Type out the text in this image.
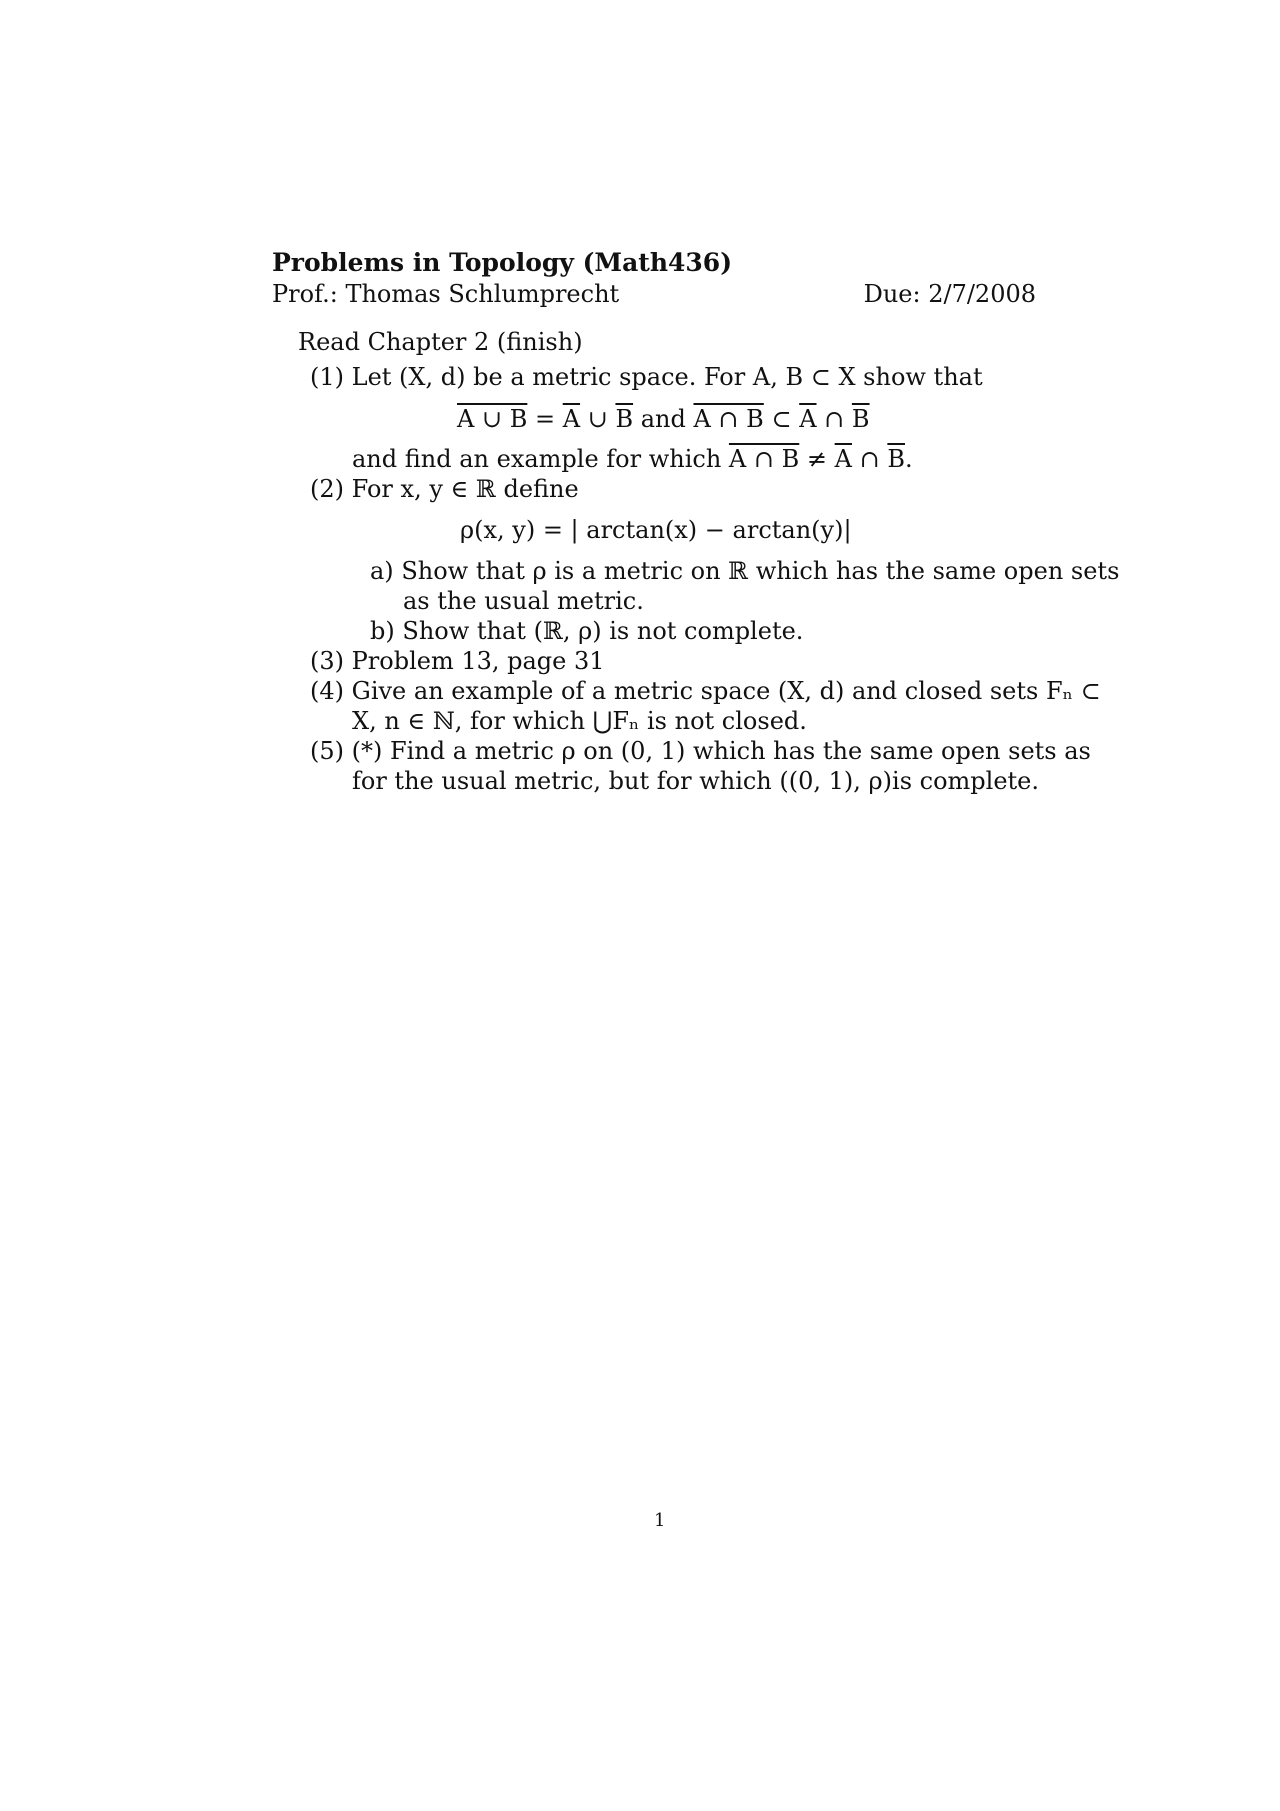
Problems in Topology (Math436)
Prof.: Thomas Schlumprecht	Due: 2/7/2008
Read Chapter 2 (finish)
(1) Let (X, d) be a metric space. For A, B ⊂ X show that
A ∪ $B = \overline{A}$ ∪ $\overline{B}$ and A ∩ B ⊂ $\overline{A}$ ∩ $\overline{B}$
and find an example for which A ∩ $B \ne \overline{A}$ ∩ $\overline{B}$.
(2) For x, y ∈ ℝ define
ρ(x, y) = | arctan(x) − arctan(y)|
a) Show that ρ is a metric on ℝ which has the same open sets
as the usual metric.
b) Show that (ℝ, ρ) is not complete.
(3) Problem 13, page 31
(4) Give an example of a metric space (X, d) and closed sets Fₙ ⊂
X, n ∈ ℕ, for which ⋃Fₙ is not closed.
(5) (*) Find a metric ρ on (0, 1) which has the same open sets as
for the usual metric, but for which ((0, 1), ρ)is complete.
1
